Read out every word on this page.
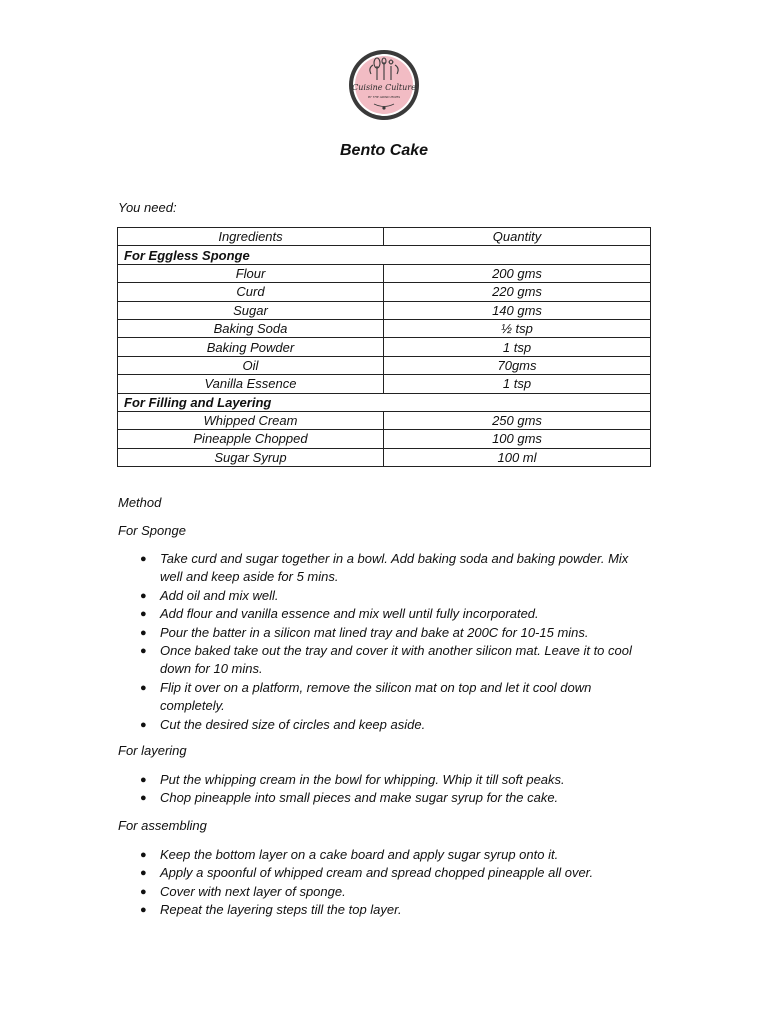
Cuisine Culture
BY THE GRIND MOMS
Bento Cake
You need:
Ingredients	Quantity
For Eggless Sponge	
Flour	200 gms
Curd	220 gms
Sugar	140 gms
Baking Soda	½ tsp
Baking Powder	1 tsp
Oil	70gms
Vanilla Essence	1 tsp
For Filling and Layering	
Whipped Cream	250 gms
Pineapple Chopped	100 gms
Sugar Syrup	100 ml
Method
For Sponge
● Take curd and sugar together in a bowl. Add baking soda and baking powder. Mix well and keep aside for 5 mins.
● Add oil and mix well.
● Add flour and vanilla essence and mix well until fully incorporated.
● Pour the batter in a silicon mat lined tray and bake at 200C for 10-15 mins.
● Once baked take out the tray and cover it with another silicon mat. Leave it to cool down for 10 mins.
● Flip it over on a platform, remove the silicon mat on top and let it cool down completely.
● Cut the desired size of circles and keep aside.
For layering
● Put the whipping cream in the bowl for whipping. Whip it till soft peaks.
● Chop pineapple into small pieces and make sugar syrup for the cake.
For assembling
● Keep the bottom layer on a cake board and apply sugar syrup onto it.
● Apply a spoonful of whipped cream and spread chopped pineapple all over.
● Cover with next layer of sponge.
● Repeat the layering steps till the top layer.
